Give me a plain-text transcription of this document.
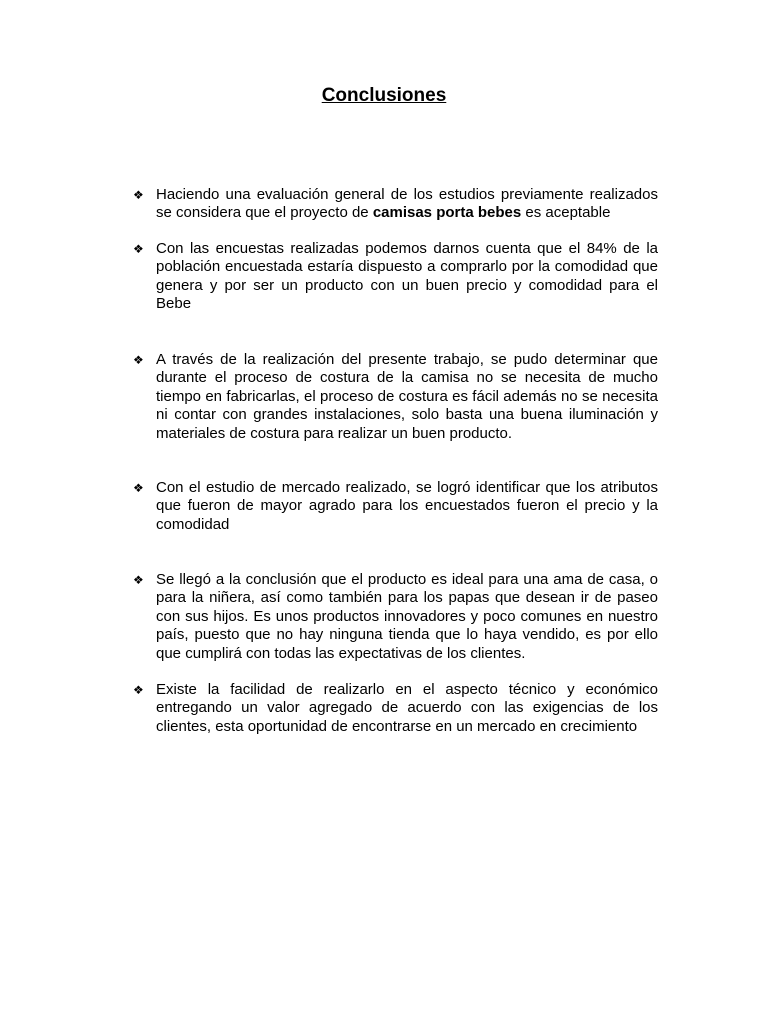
Conclusiones
❖ Haciendo una evaluación general de los estudios previamente realizados se considera que el proyecto de camisas porta bebes es aceptable
❖ Con las encuestas realizadas podemos darnos cuenta que el 84% de la población encuestada estaría dispuesto a comprarlo por la comodidad que genera y por ser un producto con un buen precio y comodidad para el Bebe
❖ A través de la realización del presente trabajo, se pudo determinar que durante el proceso de costura de la camisa no se necesita de mucho tiempo en fabricarlas, el proceso de costura es fácil además no se necesita ni contar con grandes instalaciones, solo basta una buena iluminación y materiales de costura para realizar un buen producto.
❖ Con el estudio de mercado realizado, se logró identificar que los atributos que fueron de mayor agrado para los encuestados fueron el precio y la comodidad
❖ Se llegó a la conclusión que el producto es ideal para una ama de casa, o para la niñera, así como también para los papas que desean ir de paseo con sus hijos. Es unos productos innovadores y poco comunes en nuestro país, puesto que no hay ninguna tienda que lo haya vendido, es por ello que cumplirá con todas las expectativas de los clientes.
❖ Existe la facilidad de realizarlo en el aspecto técnico y económico entregando un valor agregado de acuerdo con las exigencias de los clientes, esta oportunidad de encontrarse en un mercado en crecimiento
